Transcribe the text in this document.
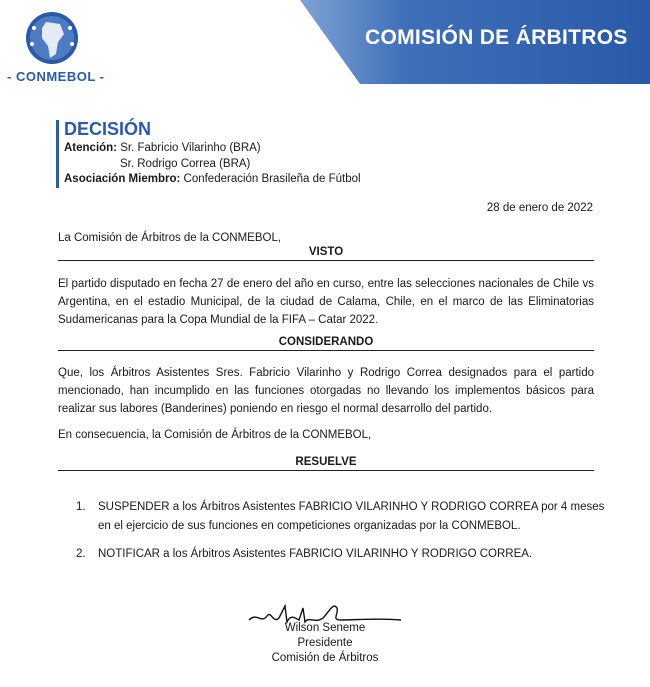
- CONMEBOL -
COMISIÓN DE ÁRBITROS
DECISIÓN
Atención: Sr. Fabricio Vilarinho (BRA)
Sr. Rodrigo Correa (BRA)
Asociación Miembro: Confederación Brasileña de Fútbol
28 de enero de 2022
La Comisión de Árbitros de la CONMEBOL,
VISTO
El partido disputado en fecha 27 de enero del año en curso, entre las selecciones nacionales de Chile vs Argentina, en el estadio Municipal, de la ciudad de Calama, Chile, en el marco de las Eliminatorias Sudamericanas para la Copa Mundial de la FIFA – Catar 2022.
CONSIDERANDO
Que, los Árbitros Asistentes Sres. Fabricio Vilarinho y Rodrigo Correa designados para el partido mencionado, han incumplido en las funciones otorgadas no llevando los implementos básicos para realizar sus labores (Banderines) poniendo en riesgo el normal desarrollo del partido.
En consecuencia, la Comisión de Árbitros de la CONMEBOL,
RESUELVE
1. SUSPENDER a los Árbitros Asistentes FABRICIO VILARINHO Y RODRIGO CORREA por 4 meses en el ejercicio de sus funciones en competiciones organizadas por la CONMEBOL.
2. NOTIFICAR a los Árbitros Asistentes FABRICIO VILARINHO Y RODRIGO CORREA.
Wilson Seneme
Presidente
Comisión de Árbitros
